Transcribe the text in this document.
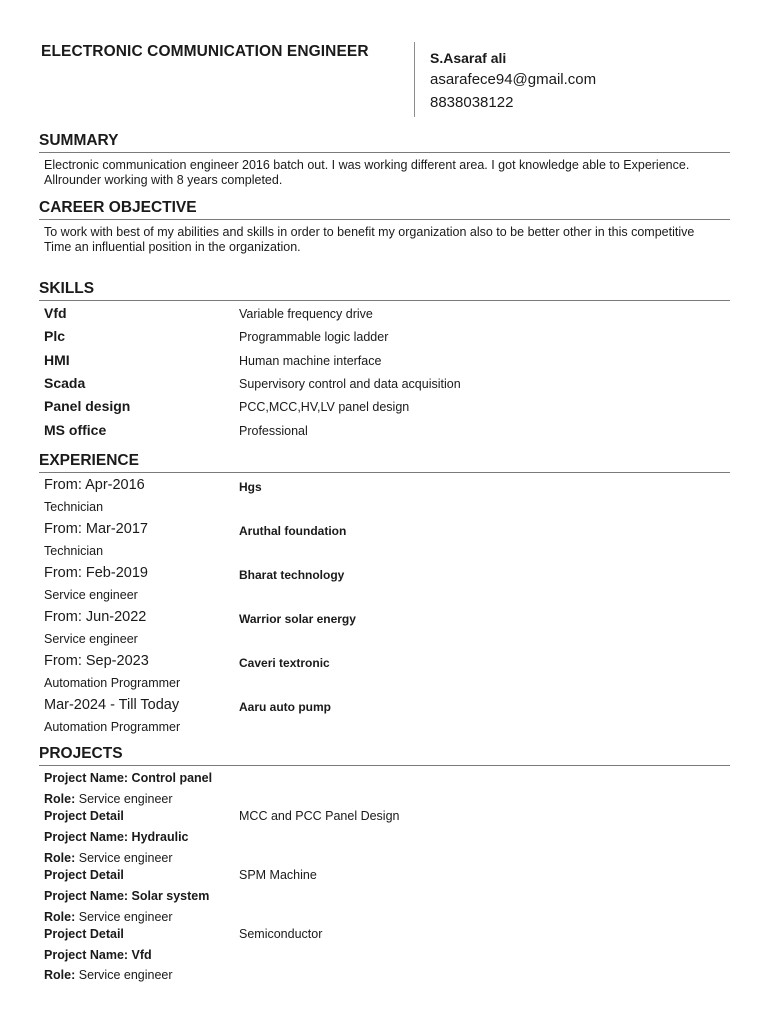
ELECTRONIC COMMUNICATION ENGINEER	S.Asaraf ali
asarafece94@gmail.com
8838038122
SUMMARY
Electronic communication engineer 2016 batch out. I was working different area. I got knowledge able to Experience. Allrounder working with 8 years completed.
CAREER OBJECTIVE
To work with best of my abilities and skills in order to benefit my organization also to be better other in this competitive Time an influential position in the organization.
SKILLS
Vfd	Variable frequency drive
Plc	Programmable logic ladder
HMI	Human machine interface
Scada	Supervisory control and data acquisition
Panel design	PCC,MCC,HV,LV panel design
MS office	Professional
EXPERIENCE
From: Apr-2016	Hgs
Technician
From: Mar-2017	Aruthal foundation
Technician
From: Feb-2019	Bharat technology
Service engineer
From: Jun-2022	Warrior solar energy
Service engineer
From: Sep-2023	Caveri textronic
Automation Programmer
Mar-2024 - Till Today	Aaru auto pump
Automation Programmer
PROJECTS
Project Name: Control panel
Role: Service engineer
Project Detail	MCC and PCC Panel Design
Project Name: Hydraulic
Role: Service engineer
Project Detail	SPM Machine
Project Name: Solar system
Role: Service engineer
Project Detail	Semiconductor
Project Name: Vfd
Role: Service engineer
